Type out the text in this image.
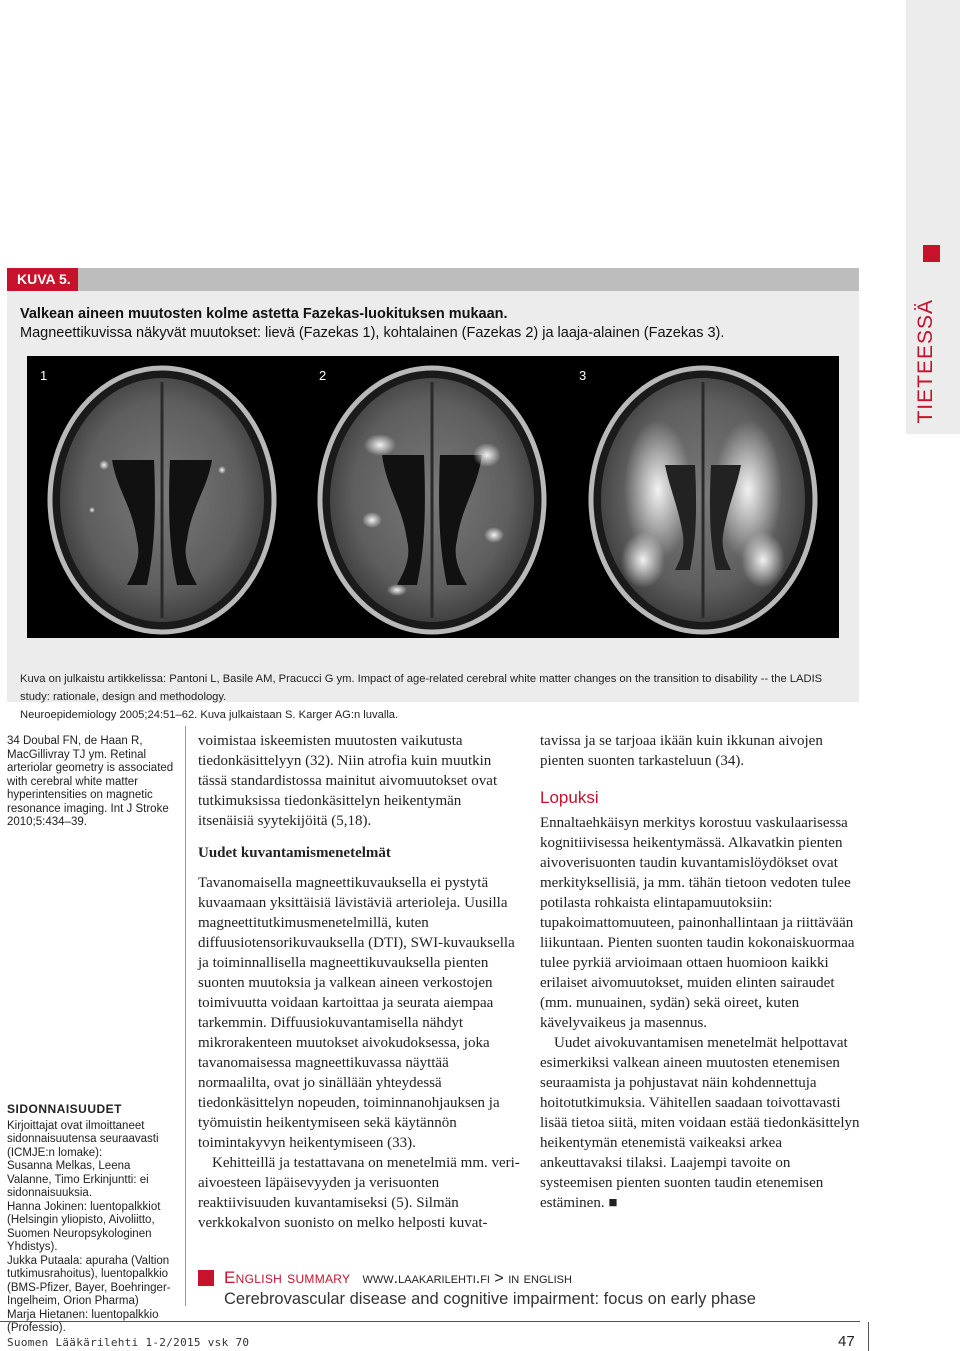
TIETEESSÄ
KUVA 5.
Valkean aineen muutosten kolme astetta Fazekas-luokituksen mukaan.
Magneettikuvissa näkyvät muutokset: lievä (Fazekas 1), kohtalainen (Fazekas 2) ja laaja-alainen (Fazekas 3).
1	2	3
Kuva on julkaistu artikkelissa: Pantoni L, Basile AM, Pracucci G ym. Impact of age-related cerebral white matter changes on the transition to disability -- the LADIS study: rationale, design and methodology.
Neuroepidemiology 2005;24:51–62. Kuva julkaistaan S. Karger AG:n luvalla.
34 Doubal FN, de Haan R, MacGillivray TJ ym. Retinal arteriolar geometry is associated with cerebral white matter hyperintensities on magnetic resonance imaging. Int J Stroke 2010;5:434–39.
SIDONNAISUUDET
Kirjoittajat ovat ilmoittaneet sidonnaisuutensa seuraavasti (ICMJE:n lomake):
Susanna Melkas, Leena Valanne, Timo Erkinjuntti: ei sidonnaisuuksia.
Hanna Jokinen: luentopalkkiot (Helsingin yliopisto, Aivoliitto, Suomen Neuropsykologinen Yhdistys).
Jukka Putaala: apuraha (Valtion tutkimusrahoitus), luentopalkkio (BMS-Pfizer, Bayer, Boehringer-Ingelheim, Orion Pharma)
Marja Hietanen: luentopalkkio (Professio).

voimistaa iskeemisten muutosten vaikutusta tiedonkäsittelyyn (32). Niin atrofia kuin muutkin tässä standardistossa mainitut aivomuutokset ovat tutkimuksissa tiedonkäsittelyn heikentymän itsenäisiä syytekijöitä (5,18).

Uudet kuvantamismenetelmät

Tavanomaisella magneettikuvauksella ei pystytä kuvaamaan yksittäisiä lävistäviä arterioleja. Uusilla magneettitutkimusmenetelmillä, kuten diffuusiotensorikuvauksella (DTI), SWI-kuvauksella ja toiminnallisella magneettikuvauksella pienten suonten muutoksia ja valkean aineen verkostojen toimivuutta voidaan kartoittaa ja seurata aiempaa tarkemmin. Diffuusiokuvantamisella nähdyt mikrorakenteen muutokset aivokudoksessa, joka tavanomaisessa magneettikuvassa näyttää normaalilta, ovat jo sinällään yhteydessä tiedonkäsittelyn nopeuden, toiminnanohjauksen ja työmuistin heikentymiseen sekä käytännön toimintakyvyn heikentymiseen (33).

Kehitteillä ja testattavana on menetelmiä mm. veri-aivoesteen läpäisevyyden ja verisuonten reaktiivisuuden kuvantamiseksi (5). Silmän verkkokalvon suonisto on melko helposti kuvat-

tavissa ja se tarjoaa ikään kuin ikkunan aivojen pienten suonten tarkasteluun (34).

Lopuksi

Ennaltaehkäisyn merkitys korostuu vaskulaarisessa kognitiivisessa heikentymässä. Alkavatkin pienten aivoverisuonten taudin kuvantamislöydökset ovat merkityksellisiä, ja mm. tähän tietoon vedoten tulee potilasta rohkaista elintapamuutoksiin: tupakoimattomuuteen, painonhallintaan ja riittävään liikuntaan. Pienten suonten taudin kokonaiskuormaa tulee pyrkiä arvioimaan ottaen huomioon kaikki erilaiset aivomuutokset, muiden elinten sairaudet (mm. munuainen, sydän) sekä oireet, kuten kävelyvaikeus ja masennus.

Uudet aivokuvantamisen menetelmät helpottavat esimerkiksi valkean aineen muutosten etenemisen seuraamista ja pohjustavat näin kohdennettuja hoitotutkimuksia. Vähitellen saadaan toivottavasti lisää tietoa siitä, miten voidaan estää tiedonkäsittelyn heikentymän etenemistä vaikeaksi arkea ankeuttavaksi tilaksi. Laajempi tavoite on systeemisen pienten suonten taudin etenemisen estäminen. ■

English summary www.laakarilehti.fi > in english
Cerebrovascular disease and cognitive impairment: focus on early phase
Suomen Lääkärilehti 1-2/2015 vsk 70	47
